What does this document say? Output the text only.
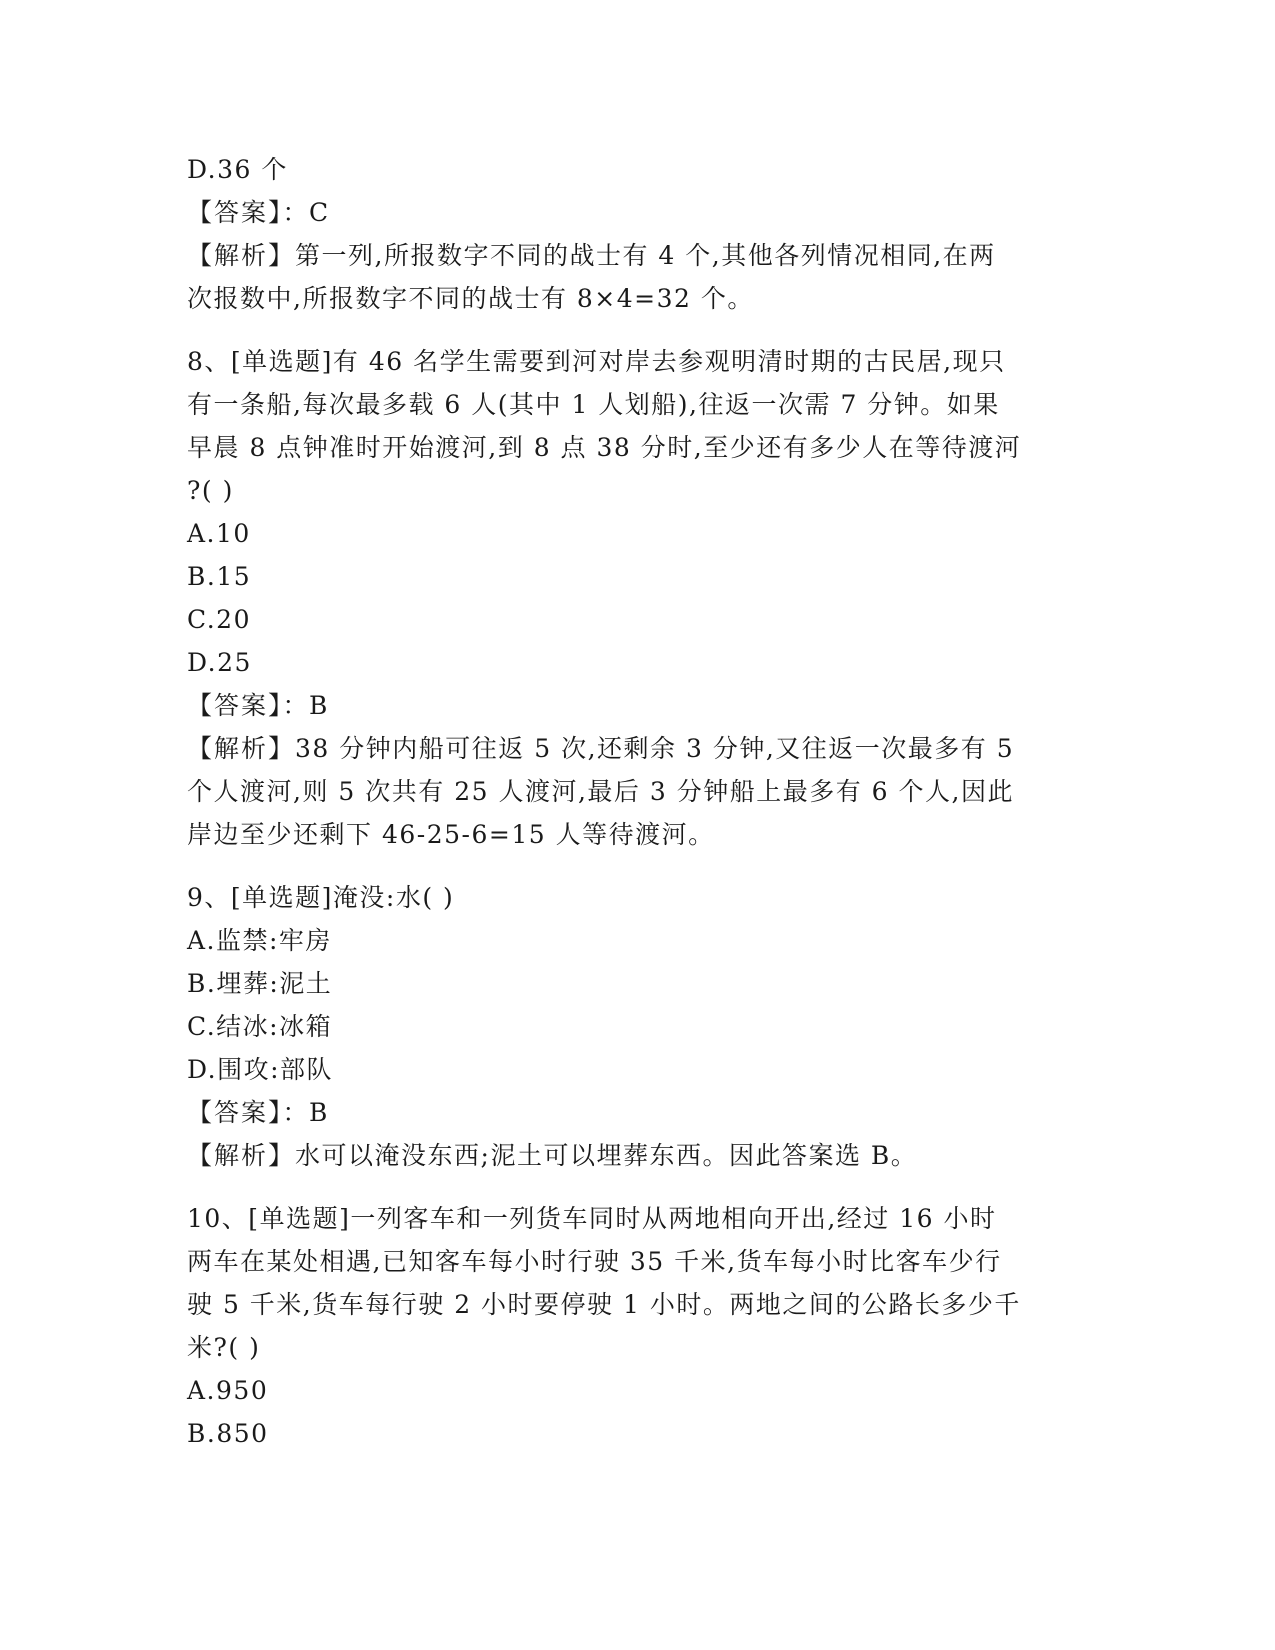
D.36 个
【答案】：C
【解析】第一列,所报数字不同的战士有 4 个,其他各列情况相同,在两
次报数中,所报数字不同的战士有 8×4=32 个。
8、[单选题]有 46 名学生需要到河对岸去参观明清时期的古民居,现只
有一条船,每次最多载 6 人(其中 1 人划船),往返一次需 7 分钟。如果
早晨 8 点钟准时开始渡河,到 8 点 38 分时,至少还有多少人在等待渡河
?( )
A.10
B.15
C.20
D.25
【答案】：B
【解析】38 分钟内船可往返 5 次,还剩余 3 分钟,又往返一次最多有 5
个人渡河,则 5 次共有 25 人渡河,最后 3 分钟船上最多有 6 个人,因此
岸边至少还剩下 46-25-6=15 人等待渡河。
9、[单选题]淹没:水( )
A.监禁:牢房
B.埋葬:泥土
C.结冰:冰箱
D.围攻:部队
【答案】：B
【解析】水可以淹没东西;泥土可以埋葬东西。因此答案选 B。
10、[单选题]一列客车和一列货车同时从两地相向开出,经过 16 小时
两车在某处相遇,已知客车每小时行驶 35 千米,货车每小时比客车少行
驶 5 千米,货车每行驶 2 小时要停驶 1 小时。两地之间的公路长多少千
米?( )
A.950
B.850
